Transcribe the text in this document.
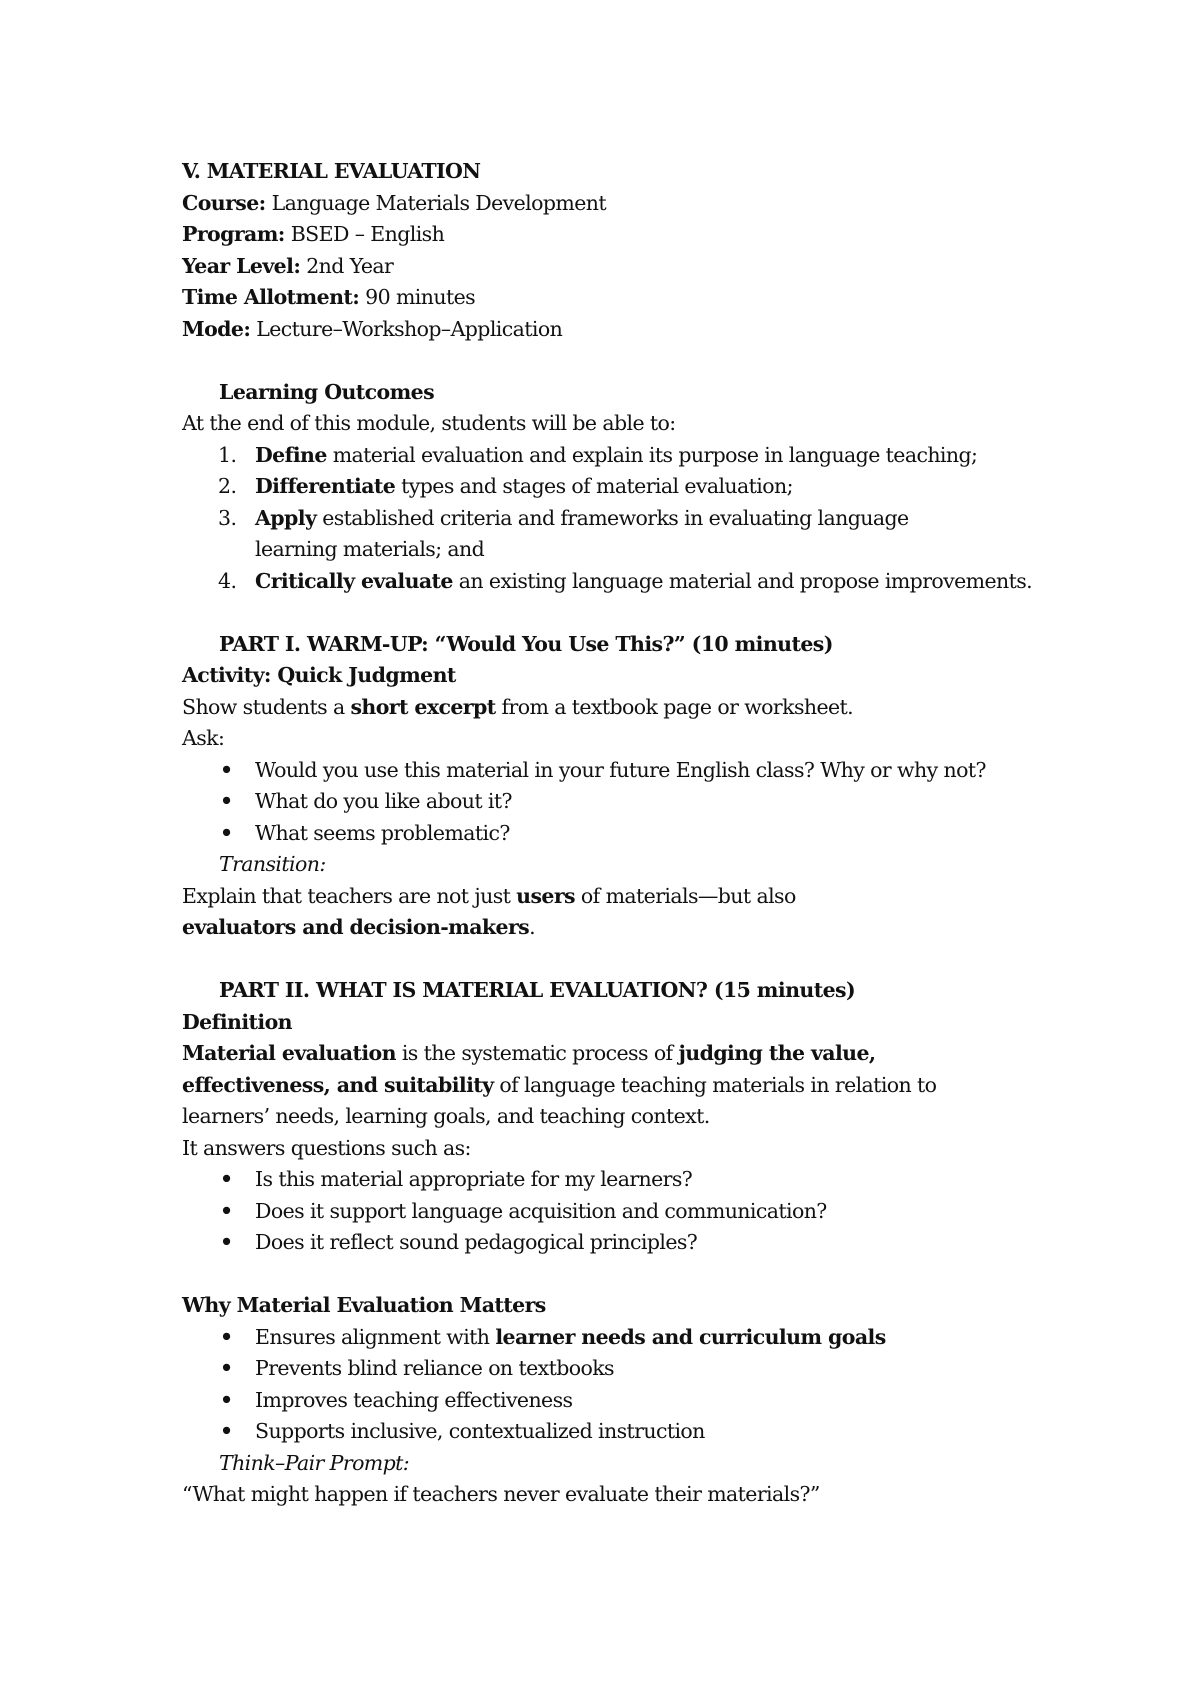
V. MATERIAL EVALUATION

Course: Language Materials Development

Program: BSED – English

Year Level: 2nd Year

Time Allotment: 90 minutes

Mode: Lecture–Workshop–Application

Learning Outcomes

At the end of this module, students will be able to:

1. Define material evaluation and explain its purpose in language teaching;
2. Differentiate types and stages of material evaluation;
3. Apply established criteria and frameworks in evaluating language learning materials; and
4. Critically evaluate an existing language material and propose improvements.

PART I. WARM-UP: “Would You Use This?” (10 minutes)

Activity: Quick Judgment

Show students a short excerpt from a textbook page or worksheet.

Ask:

• Would you use this material in your future English class? Why or why not?
• What do you like about it?
• What seems problematic?

Transition:

Explain that teachers are not just users of materials—but also evaluators and decision-makers.

PART II. WHAT IS MATERIAL EVALUATION? (15 minutes)

Definition

Material evaluation is the systematic process of judging the value, effectiveness, and suitability of language teaching materials in relation to learners’ needs, learning goals, and teaching context.

It answers questions such as:

• Is this material appropriate for my learners?
• Does it support language acquisition and communication?
• Does it reflect sound pedagogical principles?

Why Material Evaluation Matters

• Ensures alignment with learner needs and curriculum goals
• Prevents blind reliance on textbooks
• Improves teaching effectiveness
• Supports inclusive, contextualized instruction

Think–Pair Prompt:

“What might happen if teachers never evaluate their materials?”
